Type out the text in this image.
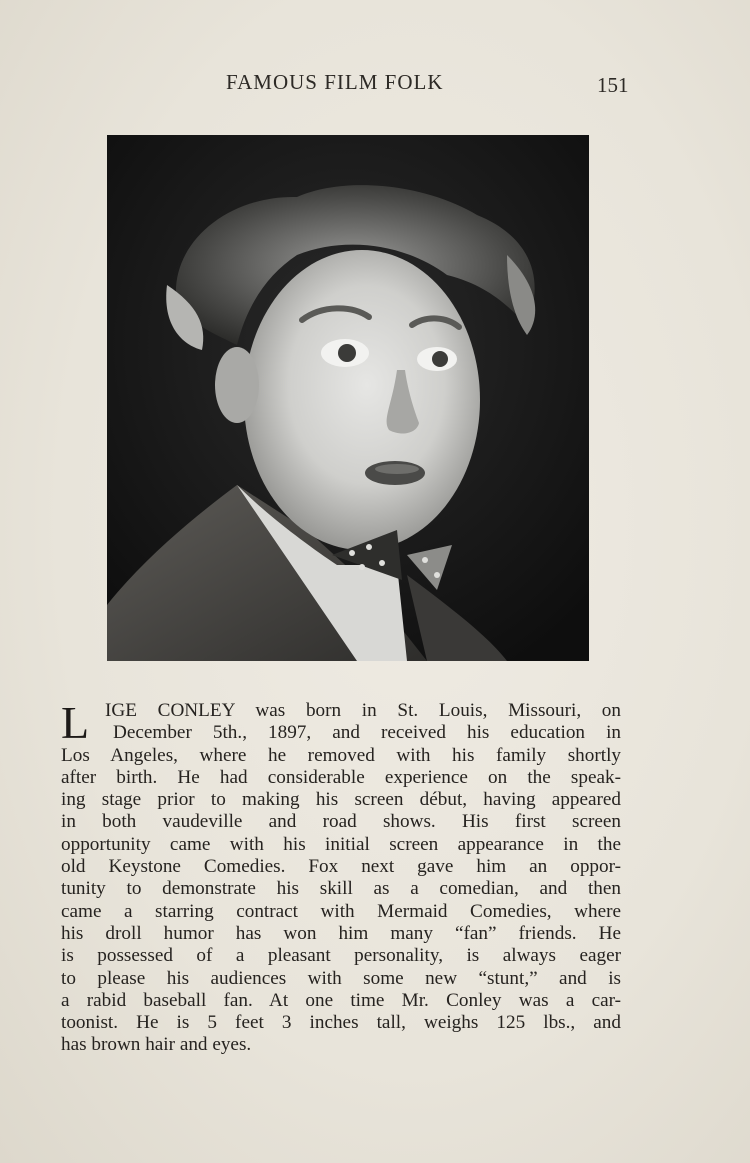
FAMOUS FILM FOLK	151
L IGE CONLEY was born in St. Louis, Missouri, on
December 5th., 1897, and received his education in
Los Angeles, where he removed with his family shortly
after birth. He had considerable experience on the speak-
ing stage prior to making his screen début, having appeared
in both vaudeville and road shows. His first screen
opportunity came with his initial screen appearance in the
old Keystone Comedies. Fox next gave him an oppor-
tunity to demonstrate his skill as a comedian, and then
came a starring contract with Mermaid Comedies, where
his droll humor has won him many “fan” friends. He
is possessed of a pleasant personality, is always eager
to please his audiences with some new “stunt,” and is
a rabid baseball fan. At one time Mr. Conley was a car-
toonist. He is 5 feet 3 inches tall, weighs 125 lbs., and
has brown hair and eyes.
